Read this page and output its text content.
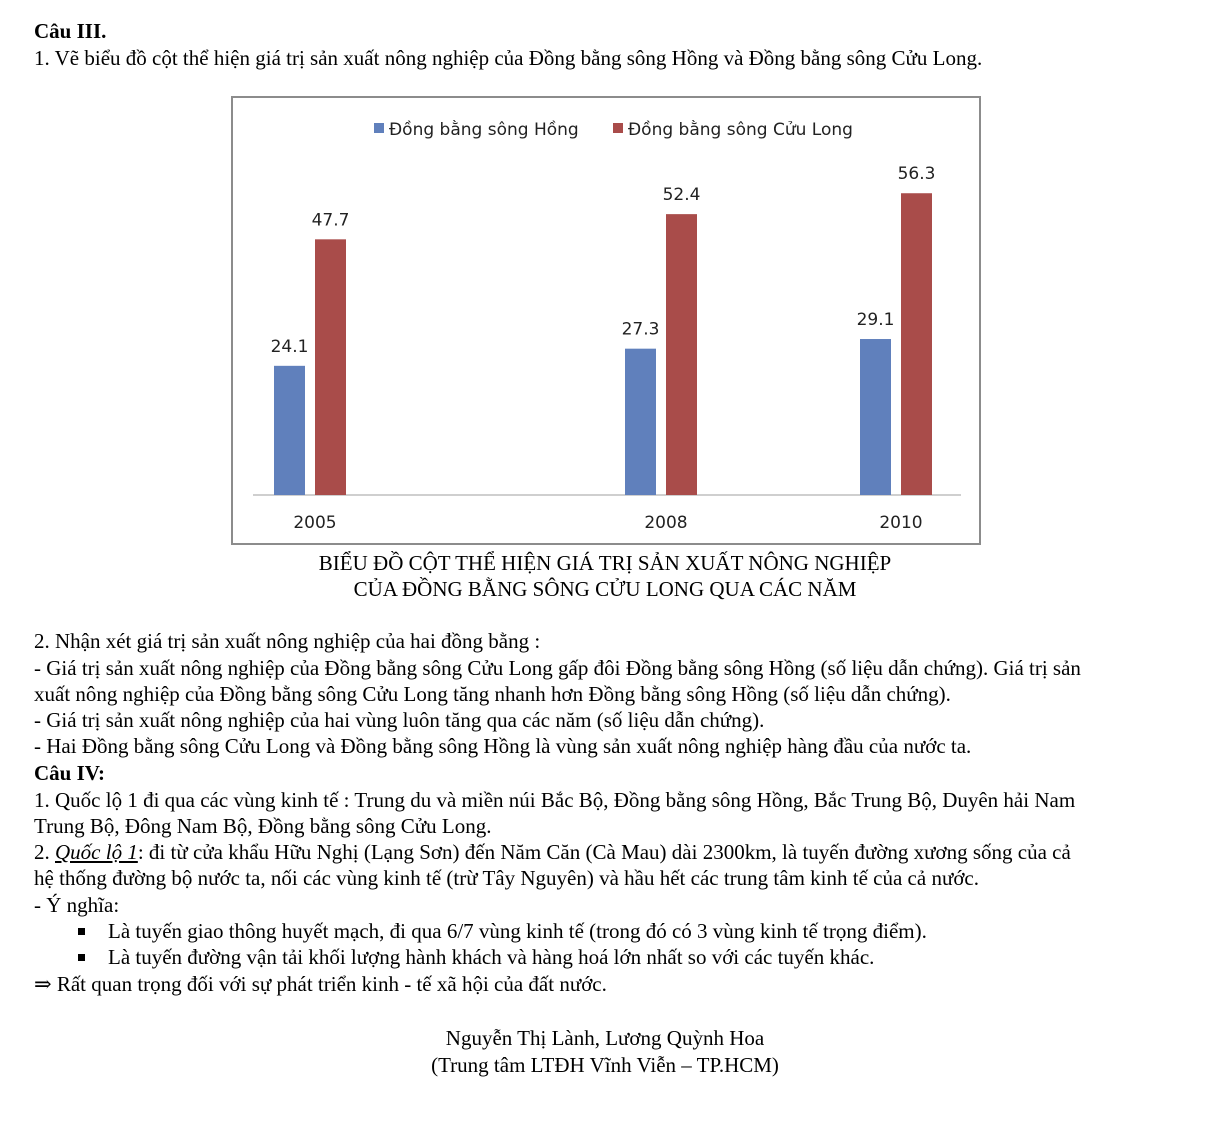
Câu III.
1. Vẽ biểu đồ cột thể hiện giá trị sản xuất nông nghiệp của Đồng bằng sông Hồng và Đồng bằng sông Cửu Long.
Đồng bằng sông Hồng	Đồng bằng sông Cửu Long
24.1
47.7
2005
27.3
52.4
2008
29.1
56.3
2010
BIỂU ĐỒ CỘT THỂ HIỆN GIÁ TRỊ SẢN XUẤT NÔNG NGHIỆP
CỦA ĐỒNG BẰNG SÔNG CỬU LONG QUA CÁC NĂM
2. Nhận xét giá trị sản xuất nông nghiệp của hai đồng bằng :
- Giá trị sản xuất nông nghiệp của Đồng bằng sông Cửu Long gấp đôi Đồng bằng sông Hồng (số liệu dẫn chứng). Giá trị sản
xuất nông nghiệp của Đồng bằng sông Cửu Long tăng nhanh hơn Đồng bằng sông Hồng (số liệu dẫn chứng).
- Giá trị sản xuất nông nghiệp của hai vùng luôn tăng qua các năm (số liệu dẫn chứng).
- Hai Đồng bằng sông Cửu Long và Đồng bằng sông Hồng là vùng sản xuất nông nghiệp hàng đầu của nước ta.
Câu IV:
1. Quốc lộ 1 đi qua các vùng kinh tế : Trung du và miền núi Bắc Bộ, Đồng bằng sông Hồng, Bắc Trung Bộ, Duyên hải Nam
Trung Bộ, Đông Nam Bộ, Đồng bằng sông Cửu Long.
2. Quốc lộ 1: đi từ cửa khẩu Hữu Nghị (Lạng Sơn) đến Năm Căn (Cà Mau) dài 2300km, là tuyến đường xương sống của cả
hệ thống đường bộ nước ta, nối các vùng kinh tế (trừ Tây Nguyên) và hầu hết các trung tâm kinh tế của cả nước.
- Ý nghĩa:
Là tuyến giao thông huyết mạch, đi qua 6/7 vùng kinh tế (trong đó có 3 vùng kinh tế trọng điểm).
Là tuyến đường vận tải khối lượng hành khách và hàng hoá lớn nhất so với các tuyến khác.
⇒ Rất quan trọng đối với sự phát triển kinh - tế xã hội của đất nước.
Nguyễn Thị Lành, Lương Quỳnh Hoa
(Trung tâm LTĐH Vĩnh Viễn – TP.HCM)
